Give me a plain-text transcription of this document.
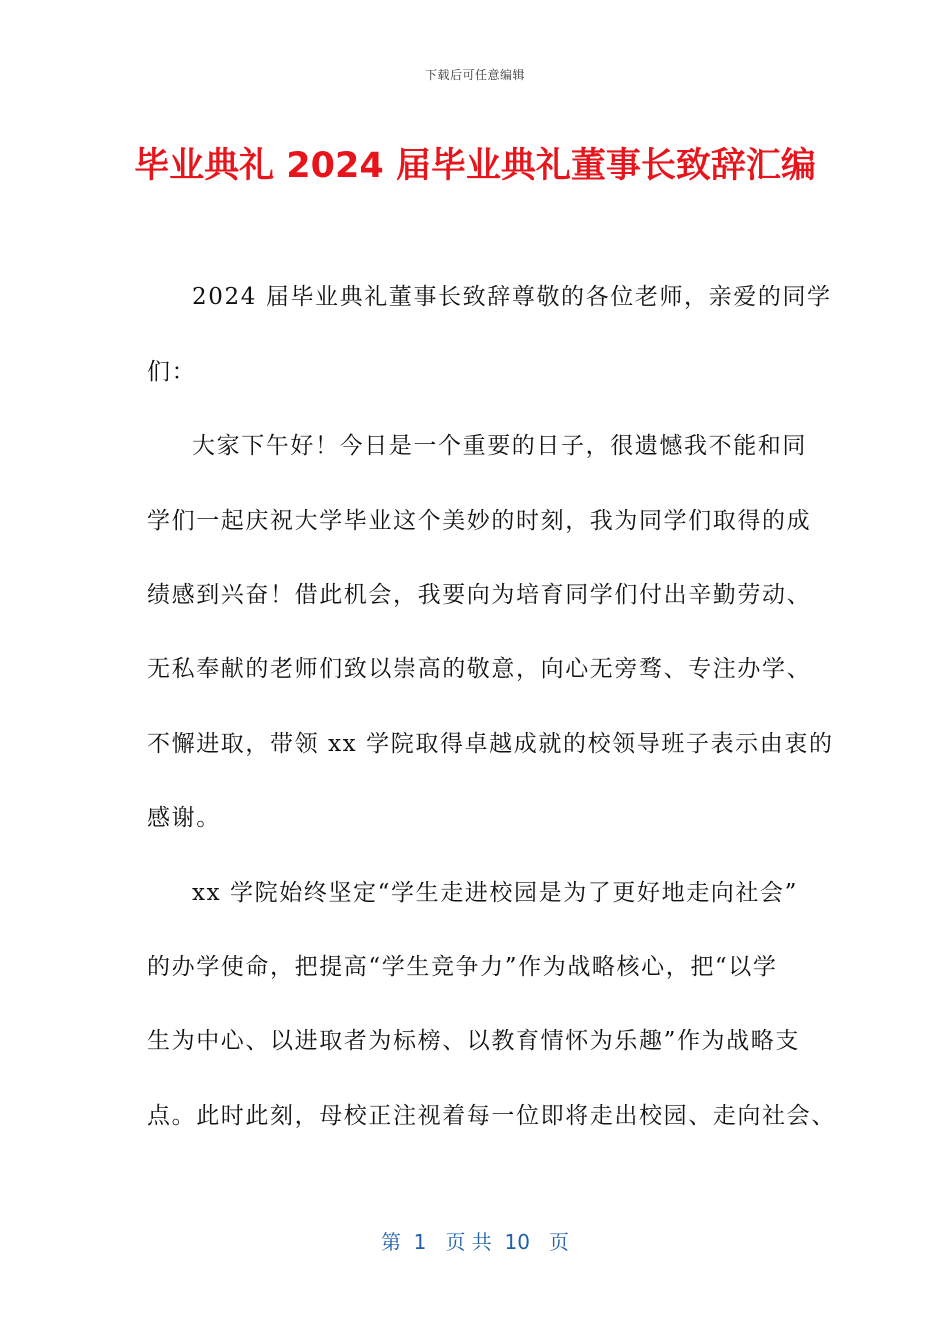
下载后可任意编辑
毕业典礼 2024 届毕业典礼董事长致辞汇编
2024 届毕业典礼董事长致辞尊敬的各位老师，亲爱的同学
们：
大家下午好！今日是一个重要的日子，很遗憾我不能和同
学们一起庆祝大学毕业这个美妙的时刻，我为同学们取得的成
绩感到兴奋！借此机会，我要向为培育同学们付出辛勤劳动、
无私奉献的老师们致以崇高的敬意，向心无旁骛、专注办学、
不懈进取，带领 xx 学院取得卓越成就的校领导班子表示由衷的
感谢。
xx 学院始终坚定“学生走进校园是为了更好地走向社会”
的办学使命，把提高“学生竞争力”作为战略核心，把“以学
生为中心、以进取者为标榜、以教育情怀为乐趣”作为战略支
点。此时此刻，母校正注视着每一位即将走出校园、走向社会、
第  1   页 共  10   页
